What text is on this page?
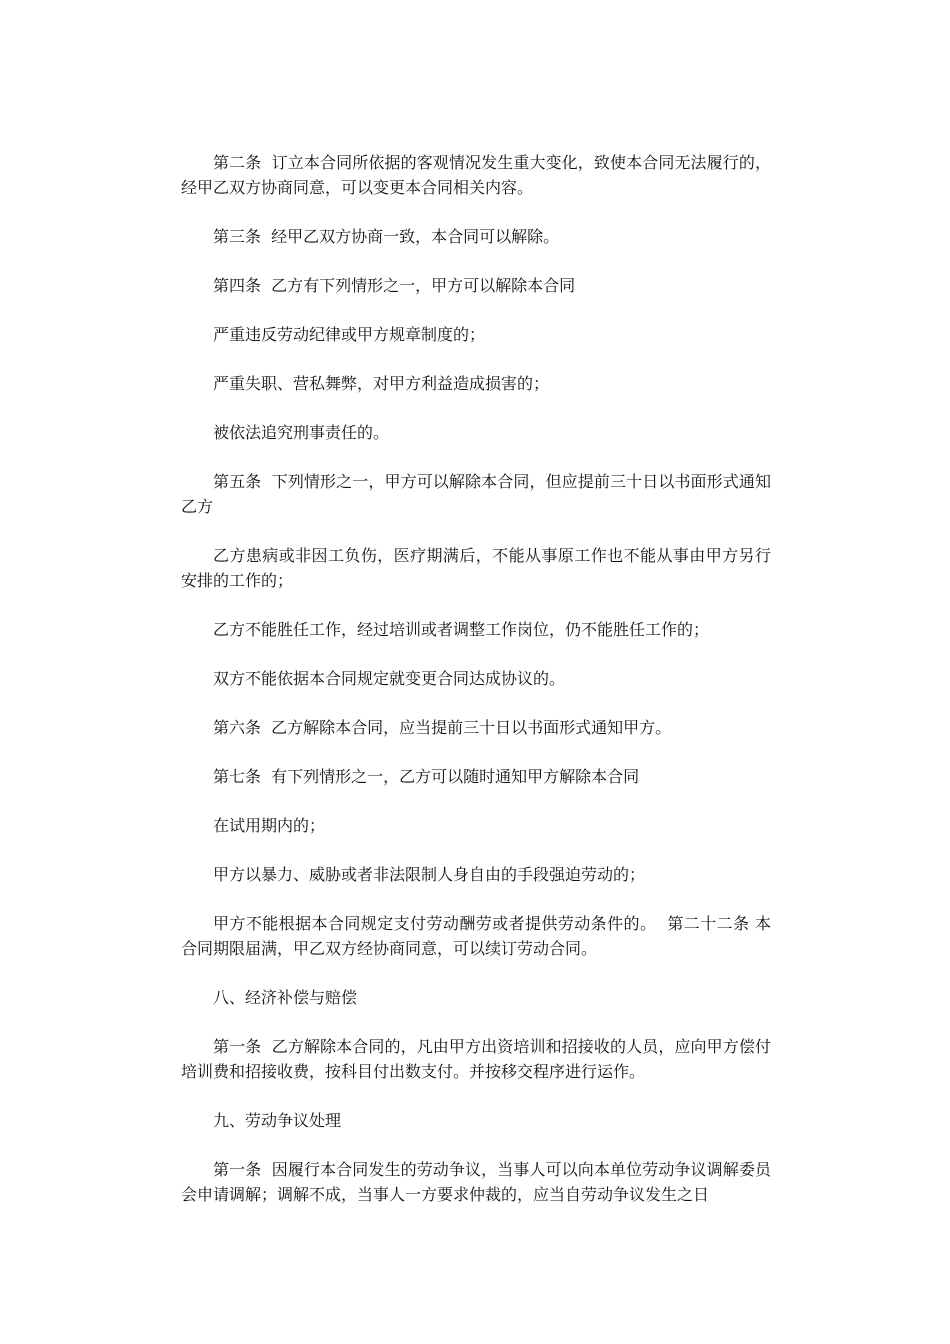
第二条  订立本合同所依据的客观情况发生重大变化，致使本合同无法履行的，经甲乙双方协商同意，可以变更本合同相关内容。

第三条  经甲乙双方协商一致，本合同可以解除。

第四条  乙方有下列情形之一，甲方可以解除本合同

严重违反劳动纪律或甲方规章制度的；

严重失职、营私舞弊，对甲方利益造成损害的；

被依法追究刑事责任的。

第五条  下列情形之一，甲方可以解除本合同，但应提前三十日以书面形式通知乙方

乙方患病或非因工负伤，医疗期满后，不能从事原工作也不能从事由甲方另行安排的工作的；

乙方不能胜任工作，经过培训或者调整工作岗位，仍不能胜任工作的；

双方不能依据本合同规定就变更合同达成协议的。

第六条  乙方解除本合同，应当提前三十日以书面形式通知甲方。

第七条  有下列情形之一，乙方可以随时通知甲方解除本合同

在试用期内的；

甲方以暴力、威胁或者非法限制人身自由的手段强迫劳动的；

甲方不能根据本合同规定支付劳动酬劳或者提供劳动条件的。  第二十二条 本合同期限届满，甲乙双方经协商同意，可以续订劳动合同。

八、经济补偿与赔偿

第一条  乙方解除本合同的，凡由甲方出资培训和招接收的人员，应向甲方偿付培训费和招接收费，按科目付出数支付。并按移交程序进行运作。

九、劳动争议处理

第一条  因履行本合同发生的劳动争议，当事人可以向本单位劳动争议调解委员会申请调解；调解不成，当事人一方要求仲裁的，应当自劳动争议发生之日
